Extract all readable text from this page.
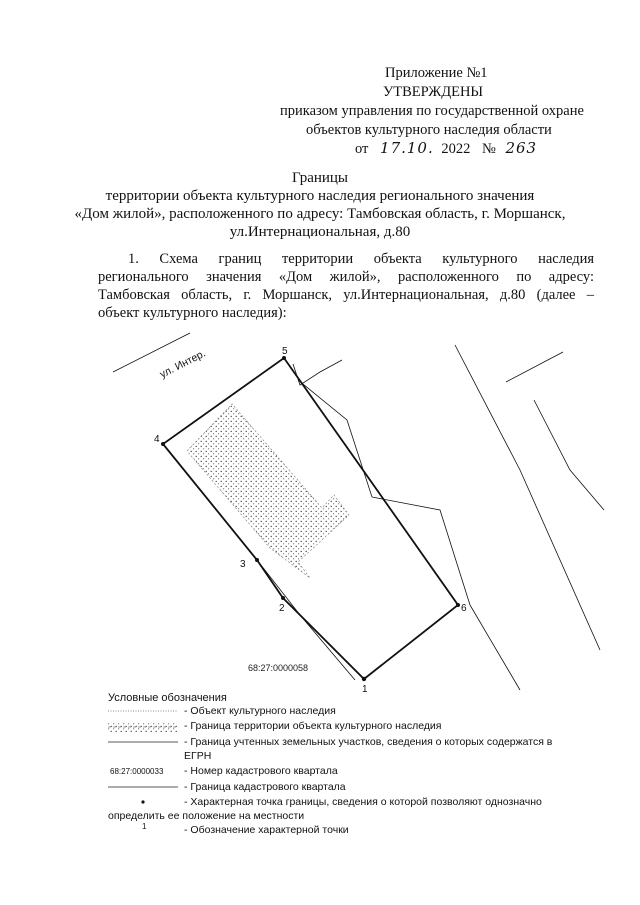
Приложение №1
УТВЕРЖДЕНЫ
приказом управления по государственной охране
объектов культурного наследия области
от 17.10. 2022 № 263
Границы
территории объекта культурного наследия регионального значения
«Дом жилой», расположенного по адресу: Тамбовская область, г. Моршанск,
ул.Интернациональная, д.80
1. Схема границ территории объекта культурного наследия
регионального значения «Дом жилой», расположенного по адресу:
Тамбовская область, г. Моршанск, ул.Интернациональная, д.80 (далее –
объект культурного наследия):
ул. Интер.
1
2
3
4
5
6
68:27:0000058
Условные обозначения
- Объект культурного наследия
- Граница территории объекта культурного наследия
- Граница учтенных земельных участков, сведения о которых содержатся в
ЕГРН
68:27:0000033 - Номер кадастрового квартала
- Граница кадастрового квартала
- Характерная точка границы, сведения о которой позволяют однозначно
определить ее положение на местности
1	- Обозначение характерной точки
